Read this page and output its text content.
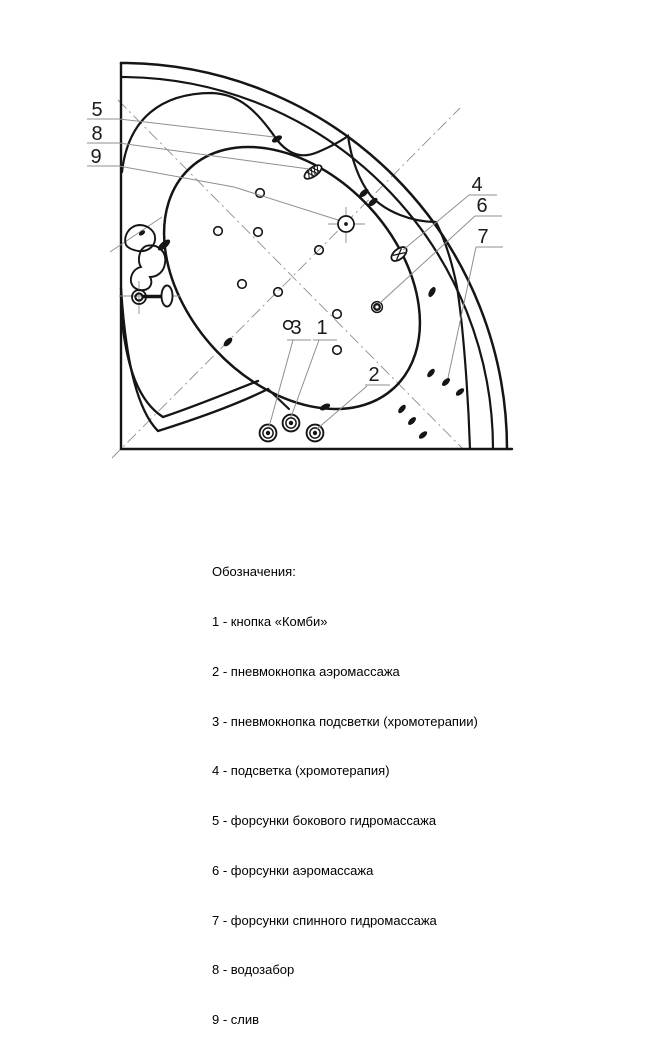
5
8
9
4
6
7
3 1
2

Обозначения:

1 - кнопка «Комби»

2 - пневмокнопка аэромассажа

3 - пневмокнопка подсветки (хромотерапии)

4 - подсветка (хромотерапия)

5 - форсунки бокового гидромассажа

6 - форсунки аэромассажа

7 - форсунки спинного гидромассажа

8 - водозабор

9 - слив
